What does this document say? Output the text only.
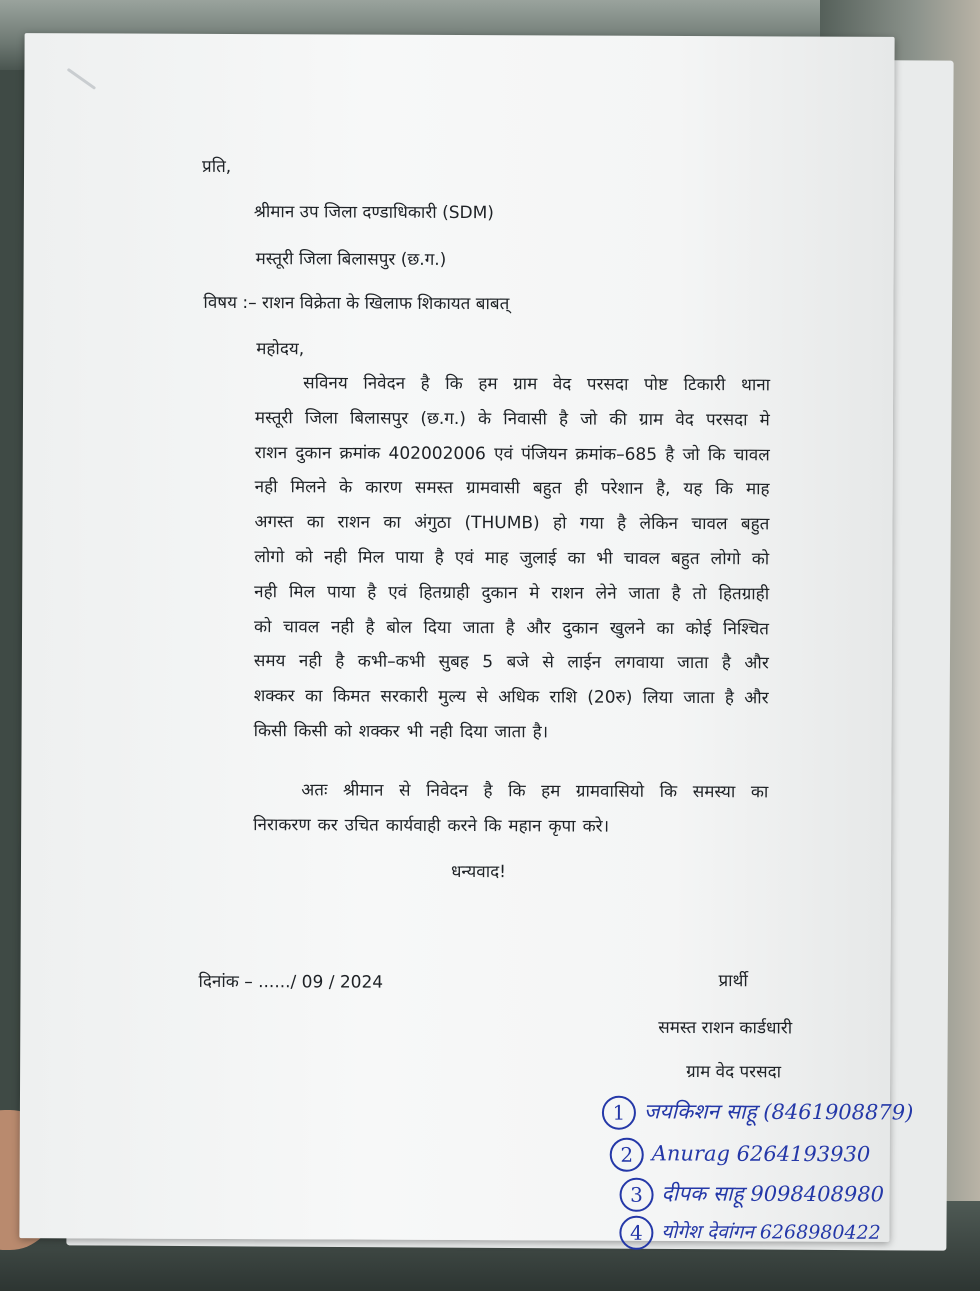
प्रति,
श्रीमान उप जिला दण्डाधिकारी (SDM)
मस्तूरी जिला बिलासपुर (छ.ग.)
विषय :– राशन विक्रेता के खिलाफ शिकायत बाबत्
महोदय,
सविनय निवेदन है कि हम ग्राम वेद परसदा पोष्ट टिकारी थाना
मस्तूरी जिला बिलासपुर (छ.ग.) के निवासी है जो की ग्राम वेद परसदा मे
राशन दुकान क्रमांक 402002006 एवं पंजियन क्रमांक–685 है जो कि चावल
नही मिलने के कारण समस्त ग्रामवासी बहुत ही परेशान है, यह कि माह
अगस्त का राशन का अंगुठा (THUMB) हो गया है लेकिन चावल बहुत
लोगो को नही मिल पाया है एवं माह जुलाई का भी चावल बहुत लोगो को
नही मिल पाया है एवं हितग्राही दुकान मे राशन लेने जाता है तो हितग्राही
को चावल नही है बोल दिया जाता है और दुकान खुलने का कोई निश्चित
समय नही है कभी–कभी सुबह 5 बजे से लाईन लगवाया जाता है और
शक्कर का किमत सरकारी मुल्य से अधिक राशि (20रु) लिया जाता है और
किसी किसी को शक्कर भी नही दिया जाता है।
अतः श्रीमान से निवेदन है कि हम ग्रामवासियो कि समस्या का
निराकरण कर उचित कार्यवाही करने कि महान कृपा करे।
धन्यवाद!
दिनांक – ....../ 09 / 2024	प्रार्थी
समस्त राशन कार्डधारी
ग्राम वेद परसदा
1 जयकिशन साहू (8461908879)
2 Anurag 6264193930
3 दीपक साहू 9098408980
4 योगेश देवांगन 6268980422
